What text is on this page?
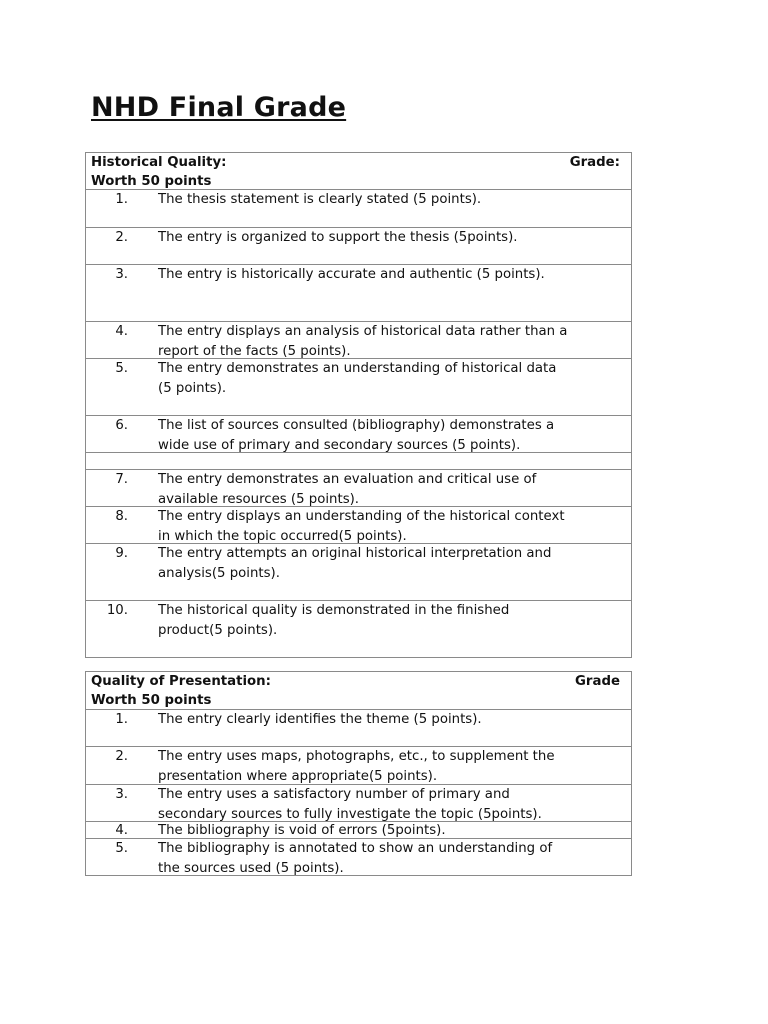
NHD Final Grade
Historical Quality:
Worth 50 points
Grade:
1. The thesis statement is clearly stated (5 points).
2. The entry is organized to support the thesis (5points).
3. The entry is historically accurate and authentic (5 points).
4. The entry displays an analysis of historical data rather than a report of the facts (5 points).
5. The entry demonstrates an understanding of historical data (5 points).
6. The list of sources consulted (bibliography) demonstrates a wide use of primary and secondary sources (5 points).
7. The entry demonstrates an evaluation and critical use of available resources (5 points).
8. The entry displays an understanding of the historical context in which the topic occurred(5 points).
9. The entry attempts an original historical interpretation and analysis(5 points).
10. The historical quality is demonstrated in the finished product(5 points).
Quality of Presentation:
Worth 50 points
Grade
1. The entry clearly identifies the theme (5 points).
2. The entry uses maps, photographs, etc., to supplement the presentation where appropriate(5 points).
3. The entry uses a satisfactory number of primary and secondary sources to fully investigate the topic (5points).
4. The bibliography is void of errors (5points).
5. The bibliography is annotated to show an understanding of the sources used (5 points).
